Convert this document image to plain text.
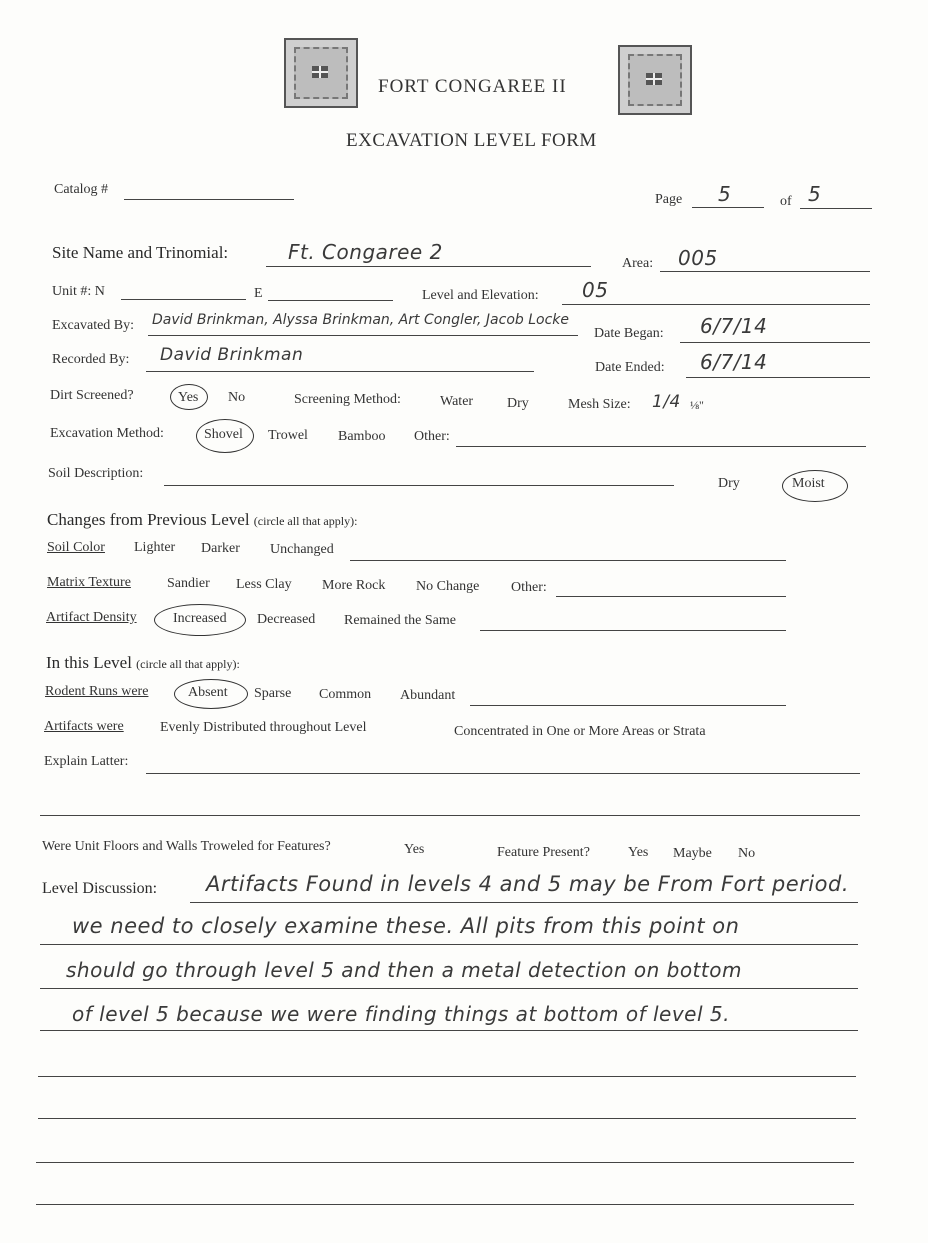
FORT CONGAREE II
EXCAVATION LEVEL FORM
Catalog #
Page 5	of 5
Site Name and Trinomial:	Ft. Congaree 2	Area: 005
Unit #: N	E	Level and Elevation: 05
Excavated By: David Brinkman, Alyssa Brinkman, Art Congler, Jacob Locke
Date Began: 6/7/14
Recorded By: David Brinkman
Date Ended: 6/7/14
Dirt Screened?	Yes No	Screening Method:	Water Dry	Mesh Size: 1/4 ⅛"
Excavation Method:	Shovel Trowel Bamboo Other:
Soil Description:
Dry	Moist
Changes from Previous Level (circle all that apply):
Soil Color Lighter Darker Unchanged
Matrix Texture	Sandier Less Clay More Rock No Change Other:
Artifact Density	Increased Decreased Remained the Same
In this Level (circle all that apply):
Rodent Runs were	Absent Sparse Common Abundant
Artifacts were	Evenly Distributed throughout Level	Concentrated in One or More Areas or Strata
Explain Latter:
Were Unit Floors and Walls Troweled for Features?	Yes	Feature Present?	Yes Maybe No
Level Discussion: Artifacts Found in levels 4 and 5 may be From Fort period.
we need to closely examine these. All pits from this point on
should go through level 5 and then a metal detection on bottom
of level 5 because we were finding things at bottom of level 5.
